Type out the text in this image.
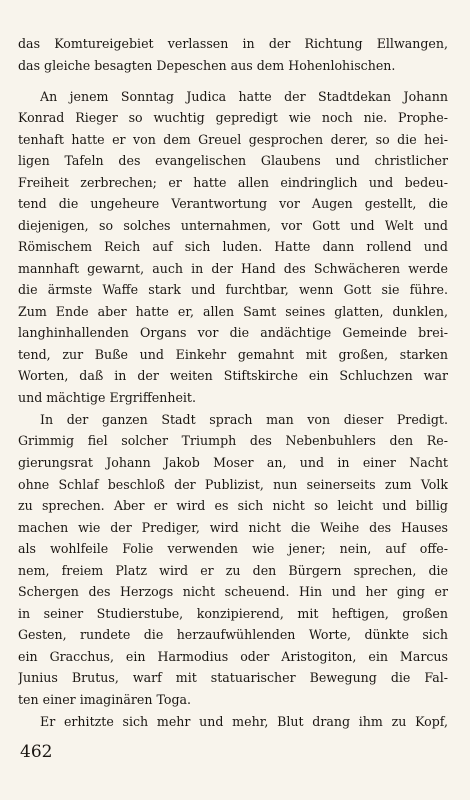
das Komtureigebiet verlassen in der Richtung Ellwangen,
das gleiche besagten Depeschen aus dem Hohenlohischen.
An jenem Sonntag Judica hatte der Stadtdekan Johann
Konrad Rieger so wuchtig gepredigt wie noch nie. Prophe-
tenhaft hatte er von dem Greuel gesprochen derer, so die hei-
ligen Tafeln des evangelischen Glaubens und christlicher
Freiheit zerbrechen; er hatte allen eindringlich und bedeu-
tend die ungeheure Verantwortung vor Augen gestellt, die
diejenigen, so solches unternahmen, vor Gott und Welt und
Römischem Reich auf sich luden. Hatte dann rollend und
mannhaft gewarnt, auch in der Hand des Schwächeren werde
die ärmste Waffe stark und furchtbar, wenn Gott sie führe.
Zum Ende aber hatte er, allen Samt seines glatten, dunklen,
langhinhallenden Organs vor die andächtige Gemeinde brei-
tend, zur Buße und Einkehr gemahnt mit großen, starken
Worten, daß in der weiten Stiftskirche ein Schluchzen war
und mächtige Ergriffenheit.
In der ganzen Stadt sprach man von dieser Predigt.
Grimmig fiel solcher Triumph des Nebenbuhlers den Re-
gierungsrat Johann Jakob Moser an, und in einer Nacht
ohne Schlaf beschloß der Publizist, nun seinerseits zum Volk
zu sprechen. Aber er wird es sich nicht so leicht und billig
machen wie der Prediger, wird nicht die Weihe des Hauses
als wohlfeile Folie verwenden wie jener; nein, auf offe-
nem, freiem Platz wird er zu den Bürgern sprechen, die
Schergen des Herzogs nicht scheuend. Hin und her ging er
in seiner Studierstube, konzipierend, mit heftigen, großen
Gesten, rundete die herzaufwühlenden Worte, dünkte sich
ein Gracchus, ein Harmodius oder Aristogiton, ein Marcus
Junius Brutus, warf mit statuarischer Bewegung die Fal-
ten einer imaginären Toga.
Er erhitzte sich mehr und mehr, Blut drang ihm zu Kopf,
462
